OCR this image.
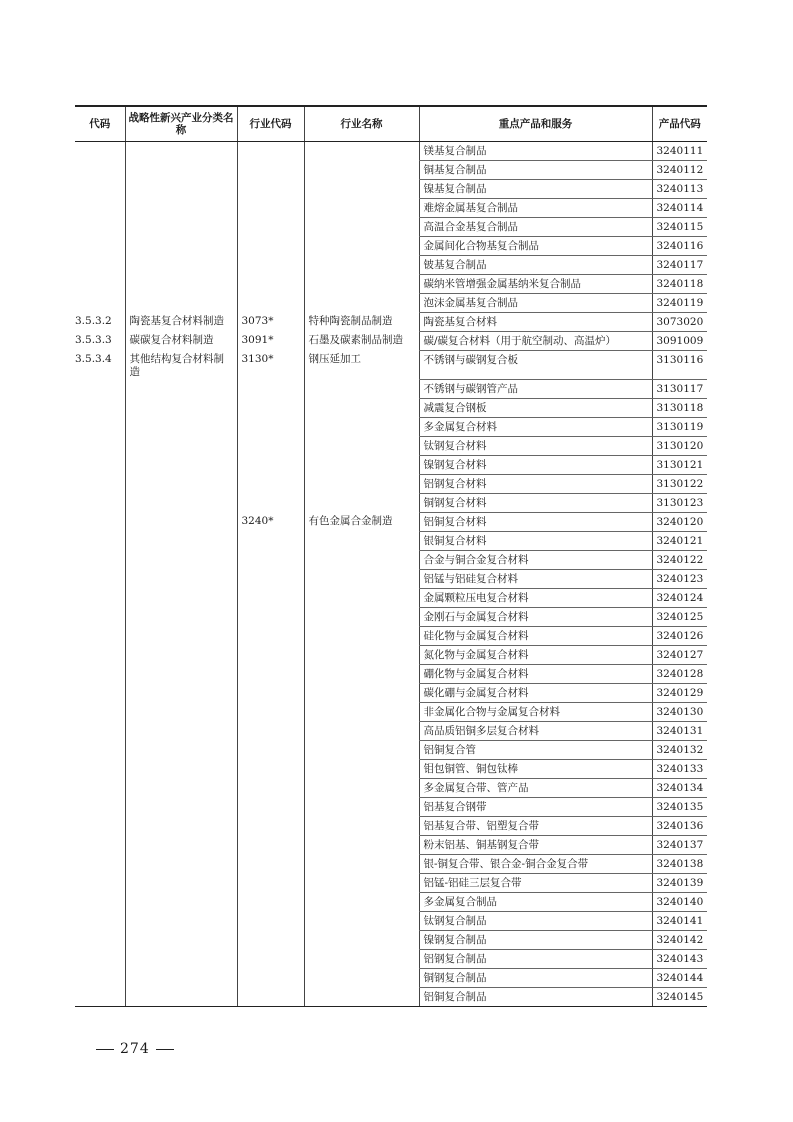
代码	战略性新兴产业分类名称	行业代码	行业名称	重点产品和服务	产品代码
				镁基复合制品	3240111
				铜基复合制品	3240112
				镍基复合制品	3240113
				难熔金属基复合制品	3240114
				高温合金基复合制品	3240115
				金属间化合物基复合制品	3240116
				铍基复合制品	3240117
				碳纳米管增强金属基纳米复合制品	3240118
				泡沫金属基复合制品	3240119
3.5.3.2	陶瓷基复合材料制造	3073*	特种陶瓷制品制造	陶瓷基复合材料	3073020
3.5.3.3	碳碳复合材料制造	3091*	石墨及碳素制品制造	碳/碳复合材料（用于航空制动、高温炉）	3091009
3.5.3.4	其他结构复合材料制造	3130*	钢压延加工	不锈钢与碳钢复合板	3130116
				不锈钢与碳钢管产品	3130117
				减震复合钢板	3130118
				多金属复合材料	3130119
				钛钢复合材料	3130120
				镍钢复合材料	3130121
				铝钢复合材料	3130122
				铜钢复合材料	3130123
		3240*	有色金属合金制造	铝铜复合材料	3240120
				银铜复合材料	3240121
				合金与铜合金复合材料	3240122
				铝锰与铝硅复合材料	3240123
				金属颗粒压电复合材料	3240124
				金刚石与金属复合材料	3240125
				硅化物与金属复合材料	3240126
				氮化物与金属复合材料	3240127
				硼化物与金属复合材料	3240128
				碳化硼与金属复合材料	3240129
				非金属化合物与金属复合材料	3240130
				高品质铝铜多层复合材料	3240131
				铝铜复合管	3240132
				钼包铜管、铜包钛棒	3240133
				多金属复合带、管产品	3240134
				铝基复合钢带	3240135
				铝基复合带、铝塑复合带	3240136
				粉末铝基、铜基钢复合带	3240137
				银-铜复合带、银合金-铜合金复合带	3240138
				铝锰-铝硅三层复合带	3240139
				多金属复合制品	3240140
				钛钢复合制品	3240141
				镍钢复合制品	3240142
				铝钢复合制品	3240143
				铜钢复合制品	3240144
				铝铜复合制品	3240145
274
